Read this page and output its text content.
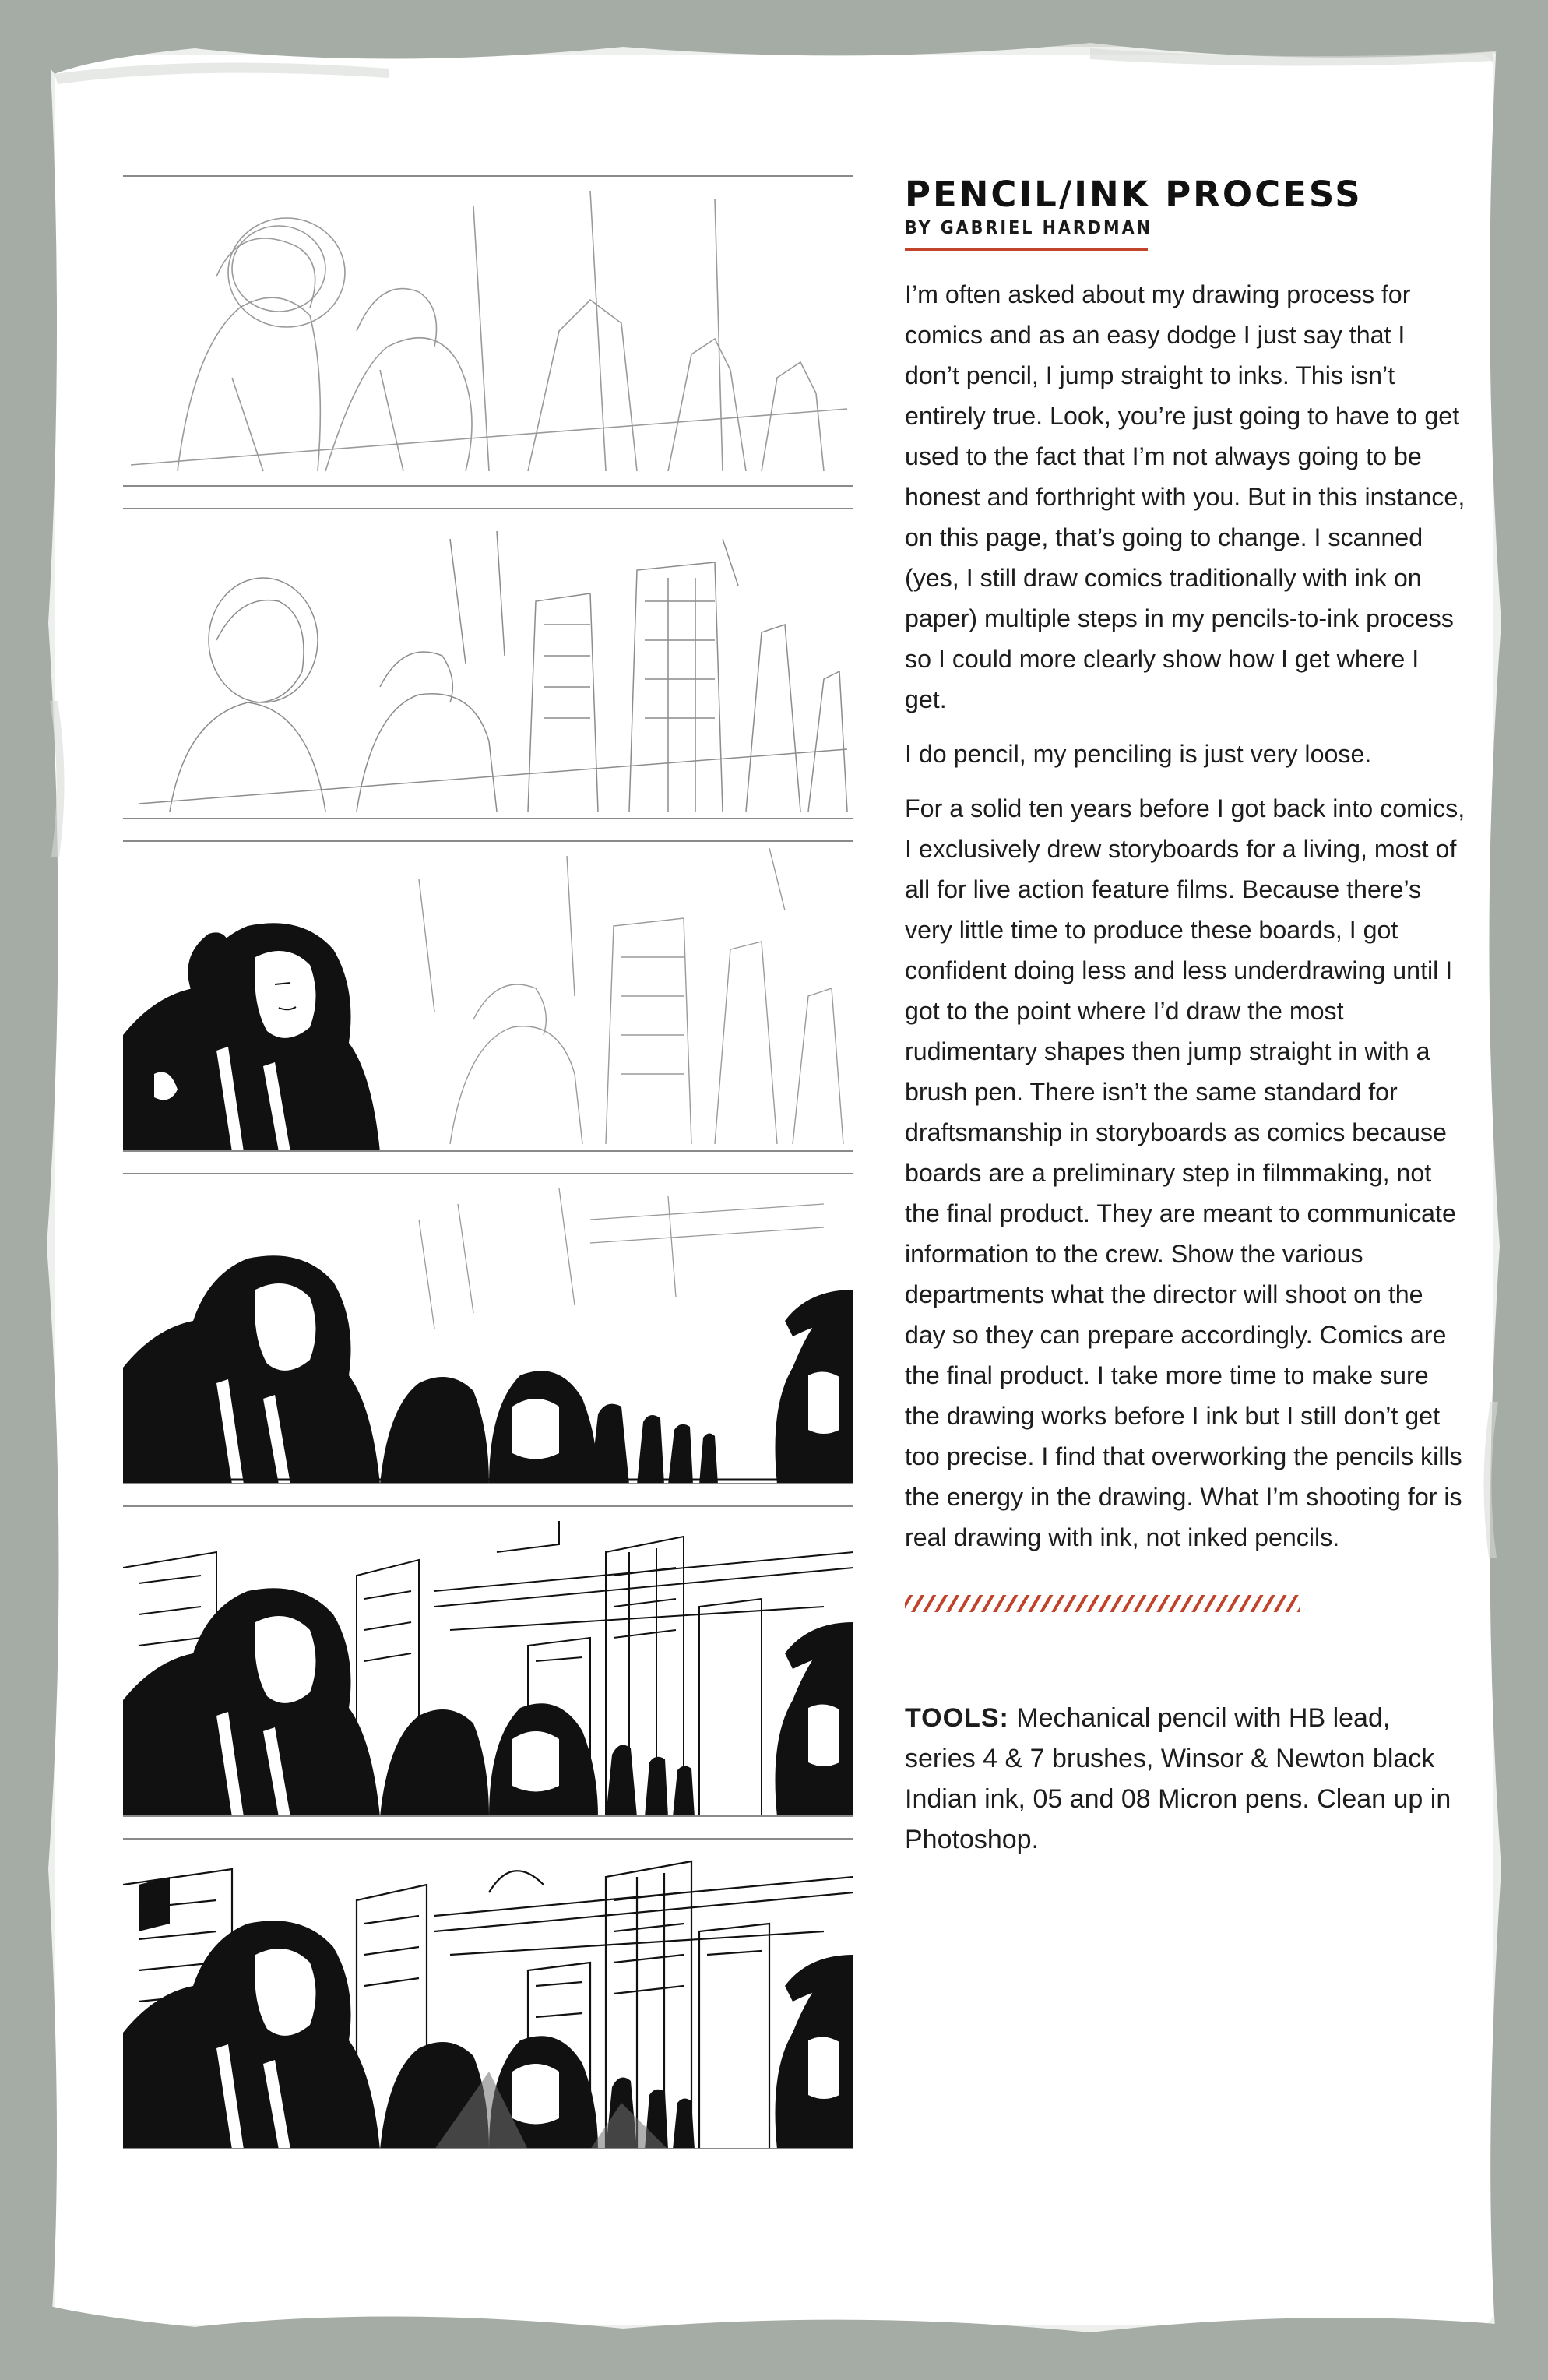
PENCIL/INK PROCESS
BY GABRIEL HARDMAN

I’m often asked about my drawing process for comics and as an easy dodge I just say that I don’t pencil, I jump straight to inks. This isn’t entirely true. Look, you’re just going to have to get used to the fact that I’m not always going to be honest and forthright with you. But in this instance, on this page, that’s going to change. I scanned (yes, I still draw comics traditionally with ink on paper) multiple steps in my pencils-to-ink process so I could more clearly show how I get where I get.

I do pencil, my penciling is just very loose.

For a solid ten years before I got back into comics, I exclusively drew storyboards for a living, most of all for live action feature films. Because there’s very little time to produce these boards, I got confident doing less and less underdrawing until I got to the point where I’d draw the most rudimentary shapes then jump straight in with a brush pen. There isn’t the same standard for draftsmanship in storyboards as comics because boards are a preliminary step in filmmaking, not the final product. They are meant to communicate information to the crew. Show the various departments what the director will shoot on the day so they can prepare accordingly. Comics are the final product. I take more time to make sure the drawing works before I ink but I still don’t get too precise. I find that overworking the pencils kills the energy in the drawing. What I’m shooting for is real drawing with ink, not inked pencils.

TOOLS: Mechanical pencil with HB lead, series 4 & 7 brushes, Winsor & Newton black Indian ink, 05 and 08 Micron pens. Clean up in Photoshop.
